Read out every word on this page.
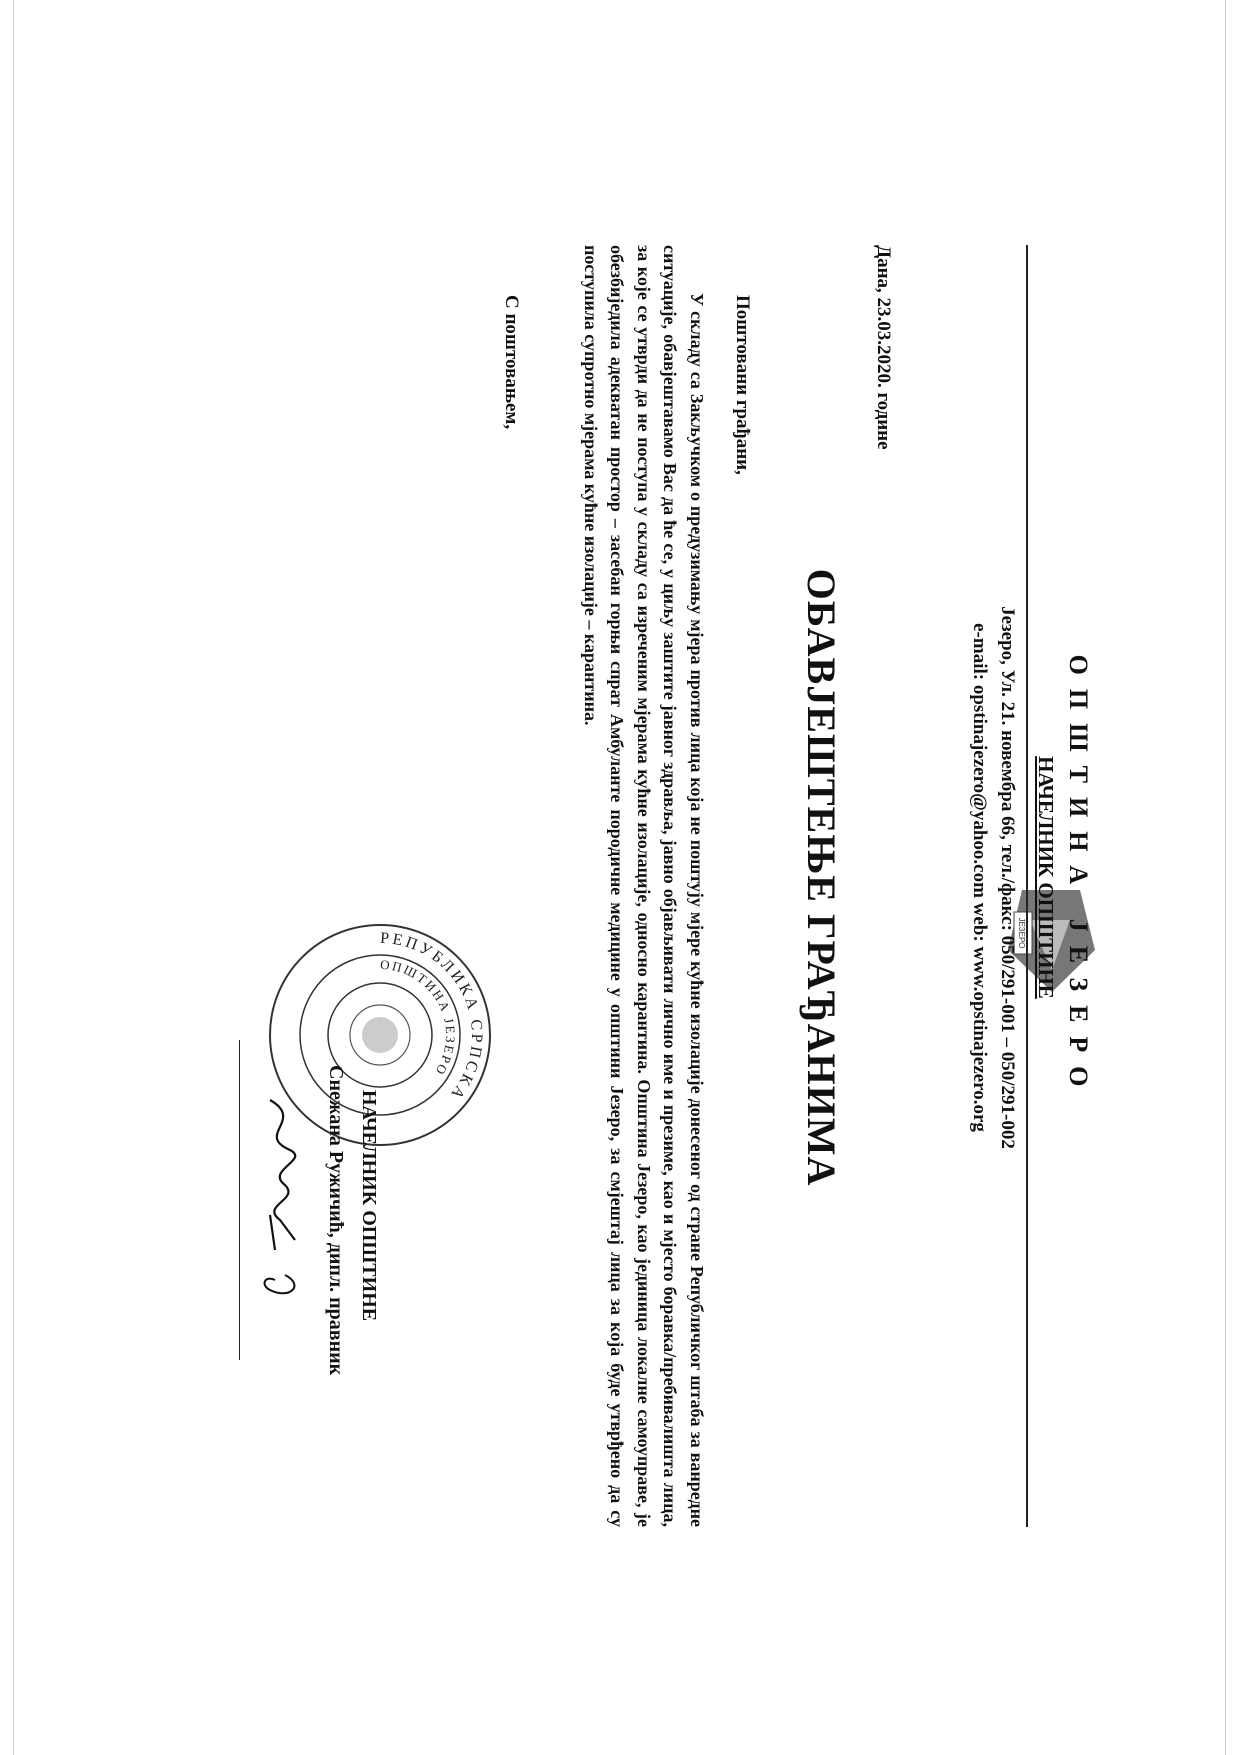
ЈЕЗЕРО ОПШТИНА ЈЕЗЕРО
НАЧЕЛНИК ОПШТИНЕ
Језеро, Ул. 21. новембра 66, тел./факс: 050/291-001 – 050/291-002
e-mail: opstinajezero@yahoo.com web: www.opstinajezero.org
Дана, 23.03.2020. године
ОБАВЈЕШТЕЊЕ ГРАЂАНИМА
Поштовани грађани,

У складу са Закључком о предузимању мјера против лица која не поштују мјере кућне изолације донесеног од стране Републичког штаба за ванредне ситуације, обавјештавамо Вас да ће се, у циљу заштите јавног здравља, јавно објављивати лично име и презиме, као и мјесто боравка/пребивалишта лица, за које се утврди да не поступа у складу са изреченим мјерама кућне изолације, односно карантина. Општина Језеро, као јединица локалне самоуправе, је обезбиједила адекватан простор – засебан горњи спрат Амбуланте породичне медицине у општини Језеро, за смјештај лица за која буде утврђено да су поступила супротно мјерама кућне изолације – карантина.

С поштовањем,
РЕПУБЛИКА СРПСКА
ОПШТИНА ЈЕЗЕРО
НАЧЕЛНИК ОПШТИНЕ
Снежана Ружичић, дипл. правник
